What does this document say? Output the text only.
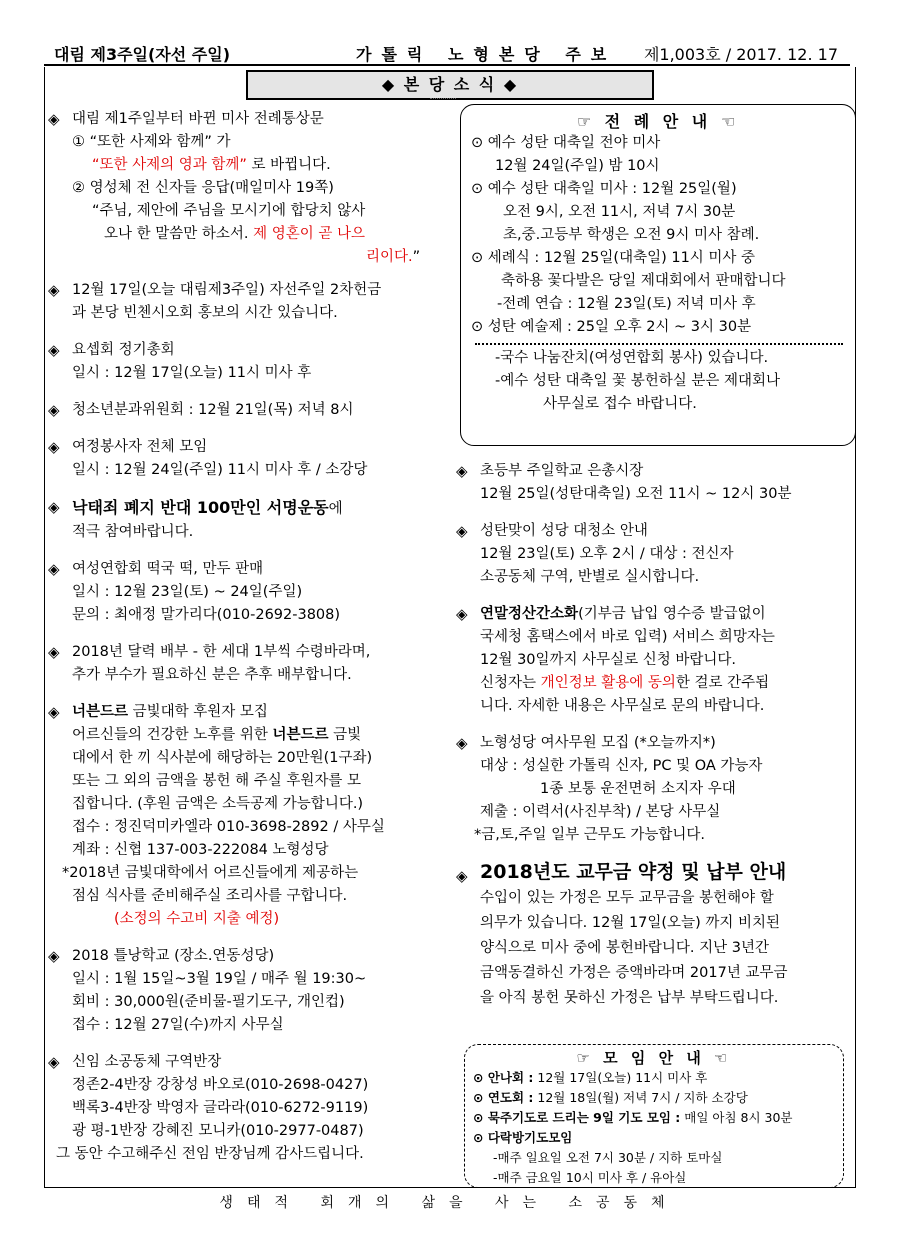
대림 제3주일(자선 주일)	가톨릭 노형본당 주보 제1,003호 / 2017. 12. 17
◆ 본 당 소 식 ◆
◈ 대림 제1주일부터 바뀐 미사 전례통상문
① “또한 사제와 함께” 가
“또한 사제의 영과 함께” 로 바뀝니다.
② 영성체 전 신자들 응답(매일미사 19쪽)
“주님, 제안에 주님을 모시기에 합당치 않사
오나 한 말씀만 하소서. 제 영혼이 곧 나으
리이다.”
◈ 12월 17일(오늘 대림제3주일) 자선주일 2차헌금
과 본당 빈첸시오회 홍보의 시간 있습니다.
◈ 요셉회 정기총회
일시 : 12월 17일(오늘) 11시 미사 후
◈ 청소년분과위원회 : 12월 21일(목) 저녁 8시
◈ 여정봉사자 전체 모임
일시 : 12월 24일(주일) 11시 미사 후 / 소강당
◈ 낙태죄 폐지 반대 100만인 서명운동에
적극 참여바랍니다.
◈ 여성연합회 떡국 떡, 만두 판매
일시 : 12월 23일(토) ~ 24일(주일)
문의 : 최애정 말가리다(010-2692-3808)
◈ 2018년 달력 배부 - 한 세대 1부씩 수령바라며,
추가 부수가 필요하신 분은 추후 배부합니다.
◈ 너븐드르 금빛대학 후원자 모집
어르신들의 건강한 노후를 위한 너븐드르 금빛
대에서 한 끼 식사분에 해당하는 20만원(1구좌)
또는 그 외의 금액을 봉헌 해 주실 후원자를 모
집합니다. (후원 금액은 소득공제 가능합니다.)
접수 : 정진덕미카엘라 010-3698-2892 / 사무실
계좌 : 신협 137-003-222084 노형성당
*2018년 금빛대학에서 어르신들에게 제공하는
점심 식사를 준비해주실 조리사를 구합니다.
(소정의 수고비 지출 예정)
◈ 2018 틀낭학교 (장소.연동성당)
일시 : 1월 15일~3월 19일 / 매주 월 19:30~
회비 : 30,000원(준비물-필기도구, 개인컵)
접수 : 12월 27일(수)까지 사무실
◈ 신임 소공동체 구역반장
정존2-4반장 강창성 바오로(010-2698-0427)
백록3-4반장 박영자 글라라(010-6272-9119)
광 평-1반장 강혜진 모니카(010-2977-0487)
그 동안 수고해주신 전임 반장님께 감사드립니다.
☞ 전 례 안 내 ☜
⊙ 예수 성탄 대축일 전야 미사
12월 24일(주일) 밤 10시
⊙ 예수 성탄 대축일 미사 : 12월 25일(월)
오전 9시, 오전 11시, 저녁 7시 30분
초,중.고등부 학생은 오전 9시 미사 참례.
⊙ 세례식 : 12월 25일(대축일) 11시 미사 중
축하용 꽃다발은 당일 제대회에서 판매합니다
-전례 연습 : 12월 23일(토) 저녁 미사 후
⊙ 성탄 예술제 : 25일 오후 2시 ~ 3시 30분
-국수 나눔잔치(여성연합회 봉사) 있습니다.
-예수 성탄 대축일 꽃 봉헌하실 분은 제대회나
사무실로 접수 바랍니다.
◈ 초등부 주일학교 은총시장
12월 25일(성탄대축일) 오전 11시 ~ 12시 30분
◈ 성탄맞이 성당 대청소 안내
12월 23일(토) 오후 2시 / 대상 : 전신자
소공동체 구역, 반별로 실시합니다.
◈ 연말정산간소화(기부금 납입 영수증 발급없이
국세청 홈택스에서 바로 입력) 서비스 희망자는
12월 30일까지 사무실로 신청 바랍니다.
신청자는 개인정보 활용에 동의한 걸로 간주됩
니다. 자세한 내용은 사무실로 문의 바랍니다.
◈ 노형성당 여사무원 모집 (*오늘까지*)
대상 : 성실한 가톨릭 신자, PC 및 OA 가능자
1종 보통 운전면허 소지자 우대
제출 : 이력서(사진부착) / 본당 사무실
*금,토,주일 일부 근무도 가능합니다.
◈ 2018년도 교무금 약정 및 납부 안내
수입이 있는 가정은 모두 교무금을 봉헌해야 할
의무가 있습니다. 12월 17일(오늘) 까지 비치된
양식으로 미사 중에 봉헌바랍니다. 지난 3년간
금액동결하신 가정은 증액바라며 2017년 교무금
을 아직 봉헌 못하신 가정은 납부 부탁드립니다.
☞ 모 임 안 내 ☜
⊙ 안나회 : 12월 17일(오늘) 11시 미사 후
⊙ 연도회 : 12월 18일(월) 저녁 7시 / 지하 소강당
⊙ 묵주기도로 드리는 9일 기도 모임 : 매일 아침 8시 30분
⊙ 다락방기도모임
-매주 일요일 오전 7시 30분 / 지하 토마실
-매주 금요일 10시 미사 후 / 유아실
생태적 회개의 삶을 사는 소공동체
